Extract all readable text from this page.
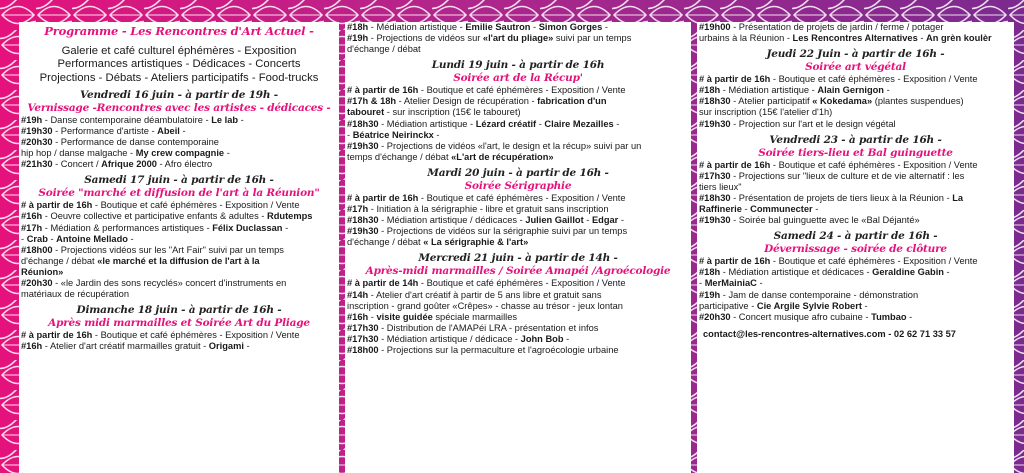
Programme - Les Rencontres d'Art Actuel -
Galerie et café culturel éphémères - Exposition
Performances artistiques - Dédicaces - Concerts
Projections - Débats - Ateliers participatifs - Food-trucks
Vendredi 16 juin - à partir de 19h -
Vernissage -Rencontres avec les artistes - dédicaces -
#19h - Danse contemporaine déambulatoire - Le lab -
#19h30 - Performance d'artiste - Abeil -
#20h30 - Performance de danse contemporaine
hip hop / danse malgache - My crew compagnie -
#21h30 - Concert / Afrique 2000 - Afro électro
Samedi 17 juin - à partir de 16h -
Soirée "marché et diffusion de l'art à la Réunion"
# à partir de 16h - Boutique et café éphémères - Exposition / Vente
#16h - Oeuvre collective et participative enfants & adultes - Rdutemps
#17h - Médiation & performances artistiques - Félix Duclassan -
- Crab - Antoine Mellado -
#18h00 - Projections vidéos sur les "Art Fair" suivi par un temps
d'échange / débat «le marché et la diffusion de l'art à la
Réunion»
#20h30 - «le Jardin des sons recyclés» concert d'instruments en
matériaux de récupération
Dimanche 18 juin - à partir de 16h -
Après midi marmailles et Soirée Art du Pliage
# à partir de 16h - Boutique et café éphémères - Exposition / Vente
#16h - Atelier d'art créatif marmailles gratuit - Origami -
#18h - Médiation artistique - Emilie Sautron - Simon Gorges -
#19h - Projections de vidéos sur «l'art du pliage» suivi par un temps
d'échange / débat
Lundi 19 juin - à partir de 16h
Soirée art de la Récup'
# à partir de 16h - Boutique et café éphémères - Exposition / Vente
#17h & 18h - Atelier Design de récupération - fabrication d'un
tabouret - sur inscription (15€ le tabouret)
#18h30 - Médiation artistique - Lézard créatif - Claire Mezailles -
- Béatrice Neirinckx -
#19h30 - Projections de vidéos «l'art, le design et la récup» suivi par un
temps d'échange / débat «L'art de récupération»
Mardi 20 juin - à partir de 16h -
Soirée Sérigraphie
# à partir de 16h - Boutique et café éphémères - Exposition / Vente
#17h - Initiation à la sérigraphie - libre et gratuit sans inscription
#18h30 - Médiation artistique / dédicaces - Julien Gaillot - Edgar -
#19h30 - Projections de vidéos sur la sérigraphie suivi par un temps
d'échange / débat « La sérigraphie & l'art»
Mercredi 21 juin - à partir de 14h -
Après-midi marmailles / Soirée Amapéi /Agroécologie
# à partir de 14h - Boutique et café éphémères - Exposition / Vente
#14h - Atelier d'art créatif à partir de 5 ans libre et gratuit sans
inscription - grand goûter «Crêpes» - chasse au trésor - jeux lontan
#16h - visite guidée spéciale marmailles
#17h30 - Distribution de l'AMAPéi LRA - présentation et infos
#17h30 - Médiation artistique / dédicace - John Bob -
#18h00 - Projections sur la permaculture et l'agroécologie urbaine
#19h00 - Présentation de projets de jardin / ferme / potager
urbains à la Réunion - Les Rencontres Alternatives - An grèn koulèr
Jeudi 22 Juin - à partir de 16h -
Soirée art végétal
# à partir de 16h - Boutique et café éphémères - Exposition / Vente
#18h - Médiation artistique - Alain Gernigon -
#18h30 - Atelier participatif « Kokedama» (plantes suspendues)
sur inscription (15€ l'atelier d'1h)
#19h30 - Projection sur l'art et le design végétal
Vendredi 23 - à partir de 16h -
Soirée tiers-lieu et Bal guinguette
# à partir de 16h - Boutique et café éphémères - Exposition / Vente
#17h30 - Projections sur "lieux de culture et de vie alternatif : les
tiers lieux"
#18h30 - Présentation de projets de tiers lieux à la Réunion - La
Raffinerie - Communecter -
#19h30 - Soirée bal guinguette avec le «Bal Déjanté»
Samedi 24 - à partir de 16h -
Dévernissage - soirée de clôture
# à partir de 16h - Boutique et café éphémères - Exposition / Vente
#18h - Médiation artistique et dédicaces - Geraldine Gabin -
- MerMainiaC -
#19h - Jam de danse contemporaine - démonstration
participative - Cie Argile Sylvie Robert -
#20h30 - Concert musique afro cubaine - Tumbao -
contact@les-rencontres-alternatives.com - 02 62 71 33 57
